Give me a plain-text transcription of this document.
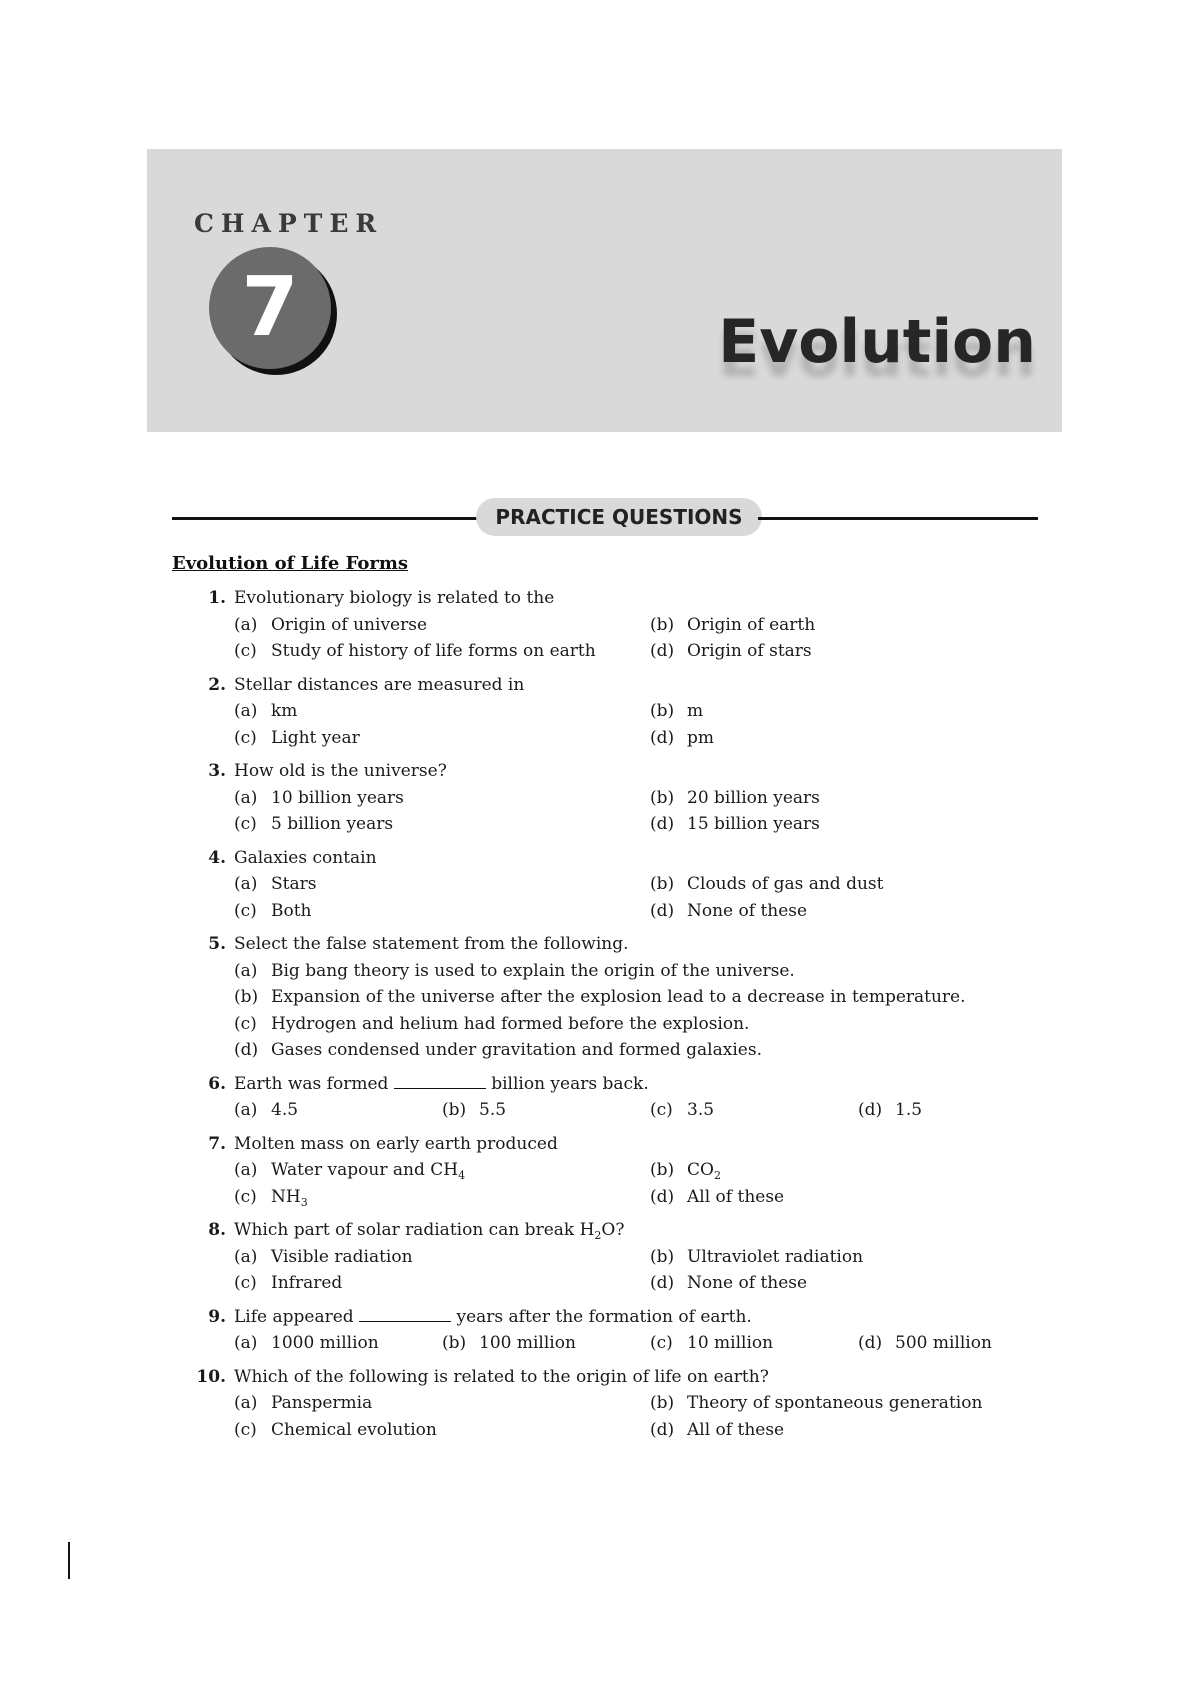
CHAPTER
7	Evolution
PRACTICE QUESTIONS
Evolution of Life Forms
1. Evolutionary biology is related to the
(a) Origin of universe	(b) Origin of earth
(c) Study of history of life forms on earth	(d) Origin of stars
2. Stellar distances are measured in
(a) km	(b) m
(c) Light year	(d) pm
3. How old is the universe?
(a) 10 billion years	(b) 20 billion years
(c) 5 billion years	(d) 15 billion years
4. Galaxies contain
(a) Stars	(b) Clouds of gas and dust
(c) Both	(d) None of these
5. Select the false statement from the following.
(a) Big bang theory is used to explain the origin of the universe.
(b) Expansion of the universe after the explosion lead to a decrease in temperature.
(c) Hydrogen and helium had formed before the explosion.
(d) Gases condensed under gravitation and formed galaxies.
6. Earth was formed	billion years back.
(a) 4.5	(b) 5.5	(c) 3.5	(d) 1.5
7. Molten mass on early earth produced
(a) Water vapour and $CH_4$	(b) $CO_2$
(c) $NH_3$	(d) All of these
8. Which part of solar radiation can break $H_2O$?
(a) Visible radiation	(b) Ultraviolet radiation
(c) Infrared	(d) None of these
9. Life appeared	years after the formation of earth.
(a) 1000 million	(b) 100 million	(c) 10 million	(d) 500 million
10. Which of the following is related to the origin of life on earth?
(a) Panspermia	(b) Theory of spontaneous generation
(c) Chemical evolution	(d) All of these
